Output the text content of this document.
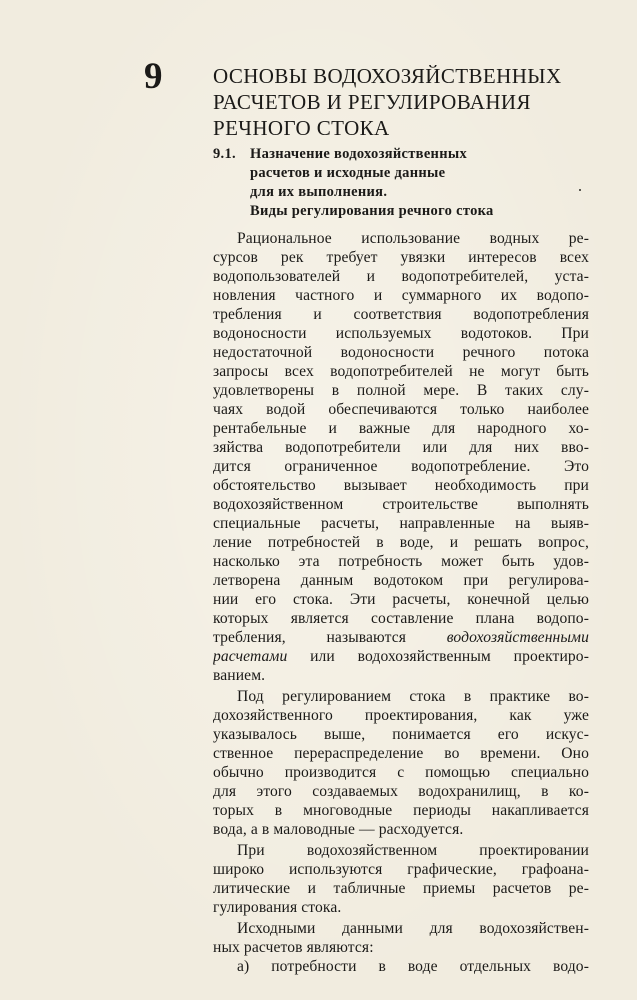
9 ОСНОВЫ ВОДОХОЗЯЙСТВЕННЫХ
РАСЧЕТОВ И РЕГУЛИРОВАНИЯ
РЕЧНОГО СТОКА
9.1. Назначение водохозяйственных
расчетов и исходные данные
для их выполнения.
Виды регулирования речного стока
Рациональное использование водных ре-
сурсов рек требует увязки интересов всех
водопользователей и водопотребителей, уста-
новления частного и суммарного их водопо-
требления и соответствия водопотребления
водоносности используемых водотоков. При
недостаточной водоносности речного потока
запросы всех водопотребителей не могут быть
удовлетворены в полной мере. В таких слу-
чаях водой обеспечиваются только наиболее
рентабельные и важные для народного хо-
зяйства водопотребители или для них вво-
дится ограниченное водопотребление. Это
обстоятельство вызывает необходимость при
водохозяйственном строительстве выполнять
специальные расчеты, направленные на выяв-
ление потребностей в воде, и решать вопрос,
насколько эта потребность может быть удов-
летворена данным водотоком при регулирова-
нии его стока. Эти расчеты, конечной целью
которых является составление плана водопо-
требления, называются водохозяйственными
расчетами или водохозяйственным проектиро-
ванием.
Под регулированием стока в практике во-
дохозяйственного проектирования, как уже
указывалось выше, понимается его искус-
ственное перераспределение во времени. Оно
обычно производится с помощью специально
для этого создаваемых водохранилищ, в ко-
торых в многоводные периоды накапливается
вода, а в маловодные — расходуется.
При водохозяйственном проектировании
широко используются графические, графоана-
литические и табличные приемы расчетов ре-
гулирования стока.
Исходными данными для водохозяйствен-
ных расчетов являются:
а) потребности в воде отдельных водо-
